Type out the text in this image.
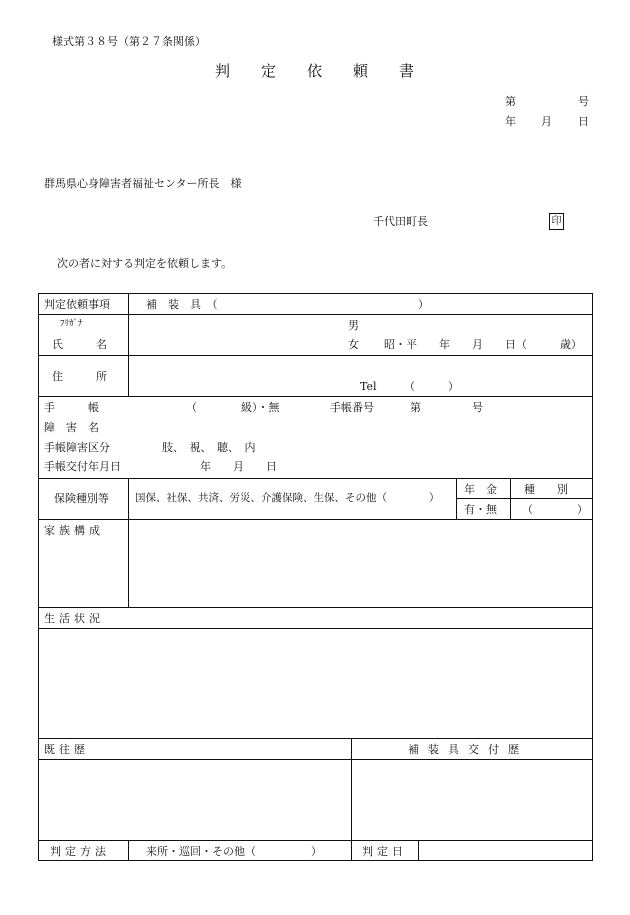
様式第３８号（第２７条関係）
判 定 依 頼 書
第	号
年 月 日
群馬県心身障害者福祉センター所長　様
千代田町長	印
次の者に対する判定を依頼します。
判定依頼事項	補　装　具　（	）
ﾌﾘｶﾞﾅ
氏　　　名
男
女 昭・平　　年　　月　　日（　　　歳）
住　　　所
Tel　　　（　　　）
手　　　帳	（　　　　級）・無	手帳番号	第	号
障　害　名
手帳障害区分	肢、　視、　聴、　内
手帳交付年月日	年　　月　　日
保険種別等 国保、社保、共済、労災、介護保険、生保、その他（　　　　）
年　金 種　　別
有・無 （　　　　）
家族構成
生活状況
既往歴	補装具交付歴
判定方法	来所・巡回・その他（　　　　　）	判定日
